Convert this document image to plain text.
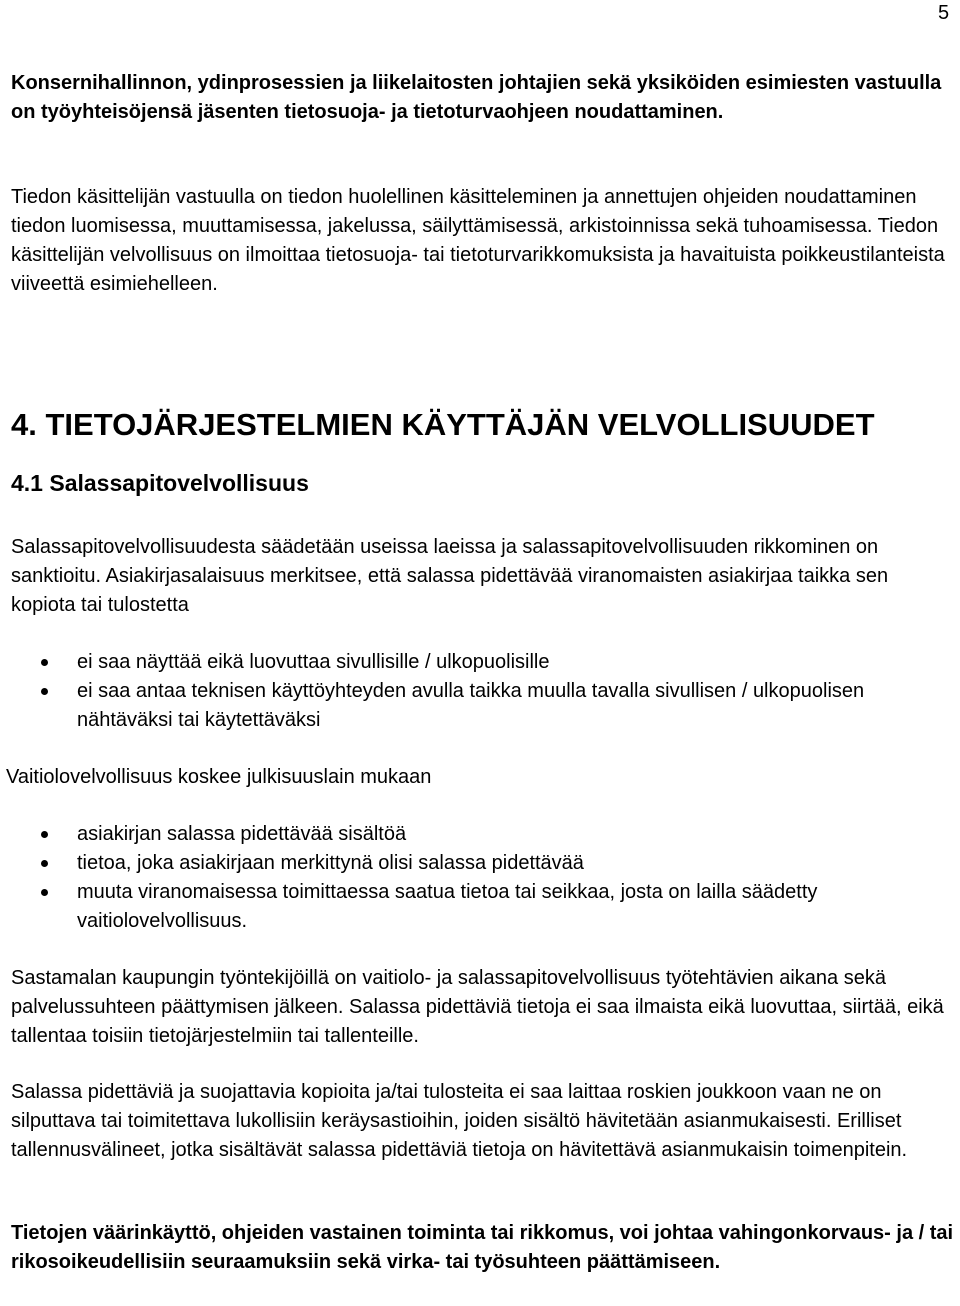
5

Konsernihallinnon, ydinprosessien ja liikelaitosten johtajien sekä yksiköiden esimiesten vastuulla on työyhteisöjensä jäsenten tietosuoja- ja tietoturvaohjeen noudattaminen.

Tiedon käsittelijän vastuulla on tiedon huolellinen käsitteleminen ja annettujen ohjeiden noudattaminen tiedon luomisessa, muuttamisessa, jakelussa, säilyttämisessä, arkistoinnissa sekä tuhoamisessa. Tiedon käsittelijän velvollisuus on ilmoittaa tietosuoja- tai tietoturvarikkomuksista ja havaituista poikkeustilanteista viiveettä esimiehelleen.

4. TIETOJÄRJESTELMIEN KÄYTTÄJÄN VELVOLLISUUDET
4.1 Salassapitovelvollisuus

Salassapitovelvollisuudesta säädetään useissa laeissa ja salassapitovelvollisuuden rikkominen on sanktioitu. Asiakirjasalaisuus merkitsee, että salassa pidettävää viranomaisten asiakirjaa taikka sen kopiota tai tulostetta

ei saa näyttää eikä luovuttaa sivullisille / ulkopuolisille
ei saa antaa teknisen käyttöyhteyden avulla taikka muulla tavalla sivullisen / ulkopuolisen nähtäväksi tai käytettäväksi

Vaitiolovelvollisuus koskee julkisuuslain mukaan

asiakirjan salassa pidettävää sisältöä
tietoa, joka asiakirjaan merkittynä olisi salassa pidettävää
muuta viranomaisessa toimittaessa saatua tietoa tai seikkaa, josta on lailla säädetty vaitiolovelvollisuus.

Sastamalan kaupungin työntekijöillä on vaitiolo- ja salassapitovelvollisuus työtehtävien aikana sekä palvelussuhteen päättymisen jälkeen. Salassa pidettäviä tietoja ei saa ilmaista eikä luovuttaa, siirtää, eikä tallentaa toisiin tietojärjestelmiin tai tallenteille.

Salassa pidettäviä ja suojattavia kopioita ja/tai tulosteita ei saa laittaa roskien joukkoon vaan ne on silputtava tai toimitettava lukollisiin keräysastioihin, joiden sisältö hävitetään asianmukaisesti. Erilliset tallennusvälineet, jotka sisältävät salassa pidettäviä tietoja on hävitettävä asianmukaisin toimenpitein.

Tietojen väärinkäyttö, ohjeiden vastainen toiminta tai rikkomus, voi johtaa vahingonkorvaus- ja / tai rikosoikeudellisiin seuraamuksiin sekä virka- tai työsuhteen päättämiseen.
